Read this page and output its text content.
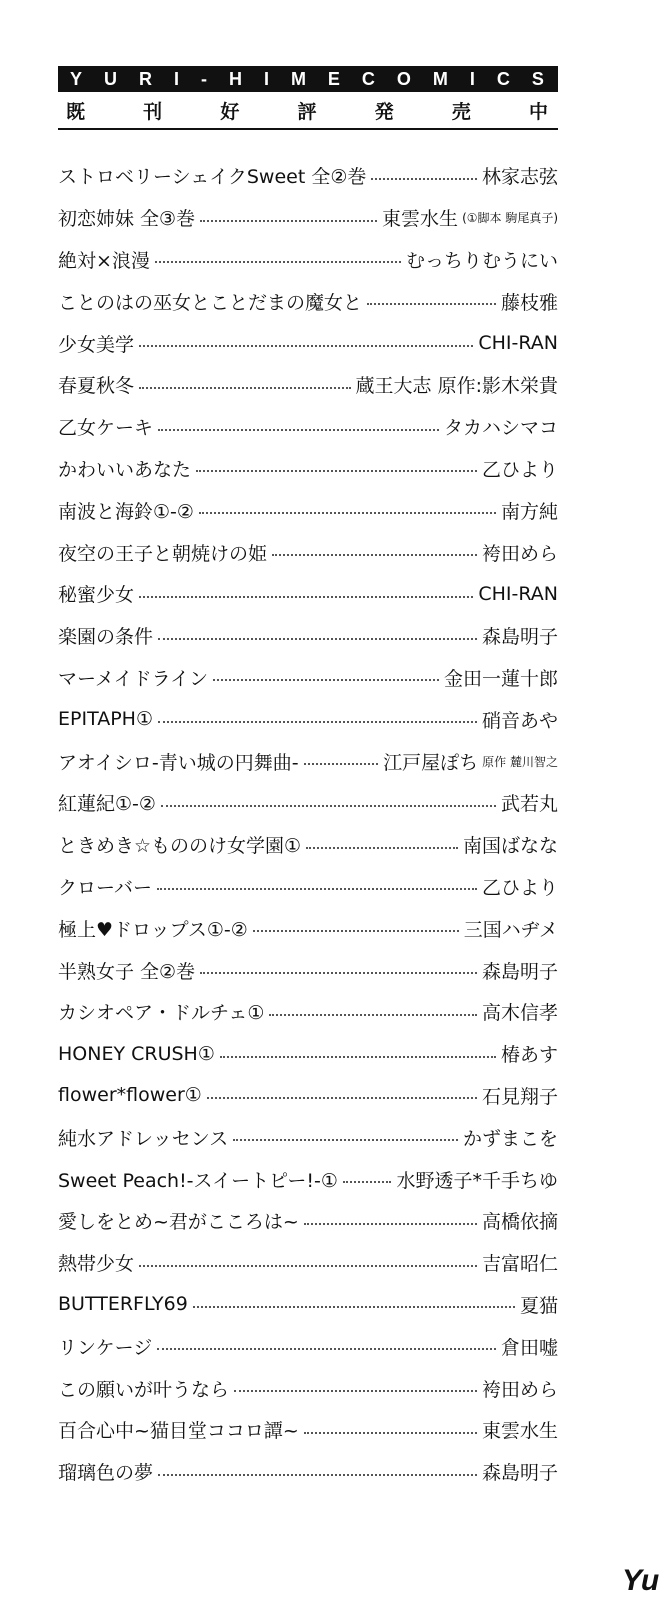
Y U R I - H I M E C O M I C S
既	刊	好	評	発	売	中
ストロベリーシェイクSweet 全②巻	林家志弦
初恋姉妹 全③巻	東雲水生 (①脚本 駒尾真子)
絶対×浪漫	むっちりむうにい
ことのはの巫女とことだまの魔女と	藤枝雅
少女美学	CHI-RAN
春夏秋冬	蔵王大志 原作:影木栄貴
乙女ケーキ	タカハシマコ
かわいいあなた	乙ひより
南波と海鈴①-②	南方純
夜空の王子と朝焼けの姫	袴田めら
秘蜜少女	CHI-RAN
楽園の条件	森島明子
マーメイドライン	金田一蓮十郎
EPITAPH①	硝音あや
アオイシロ-青い城の円舞曲-	江戸屋ぽち 原作 麓川智之
紅蓮紀①-②	武若丸
ときめき☆もののけ女学園①	南国ばなな
クローバー	乙ひより
極上♥ドロップス①-②	三国ハヂメ
半熟女子 全②巻	森島明子
カシオペア・ドルチェ①	高木信孝
HONEY CRUSH①	椿あす
flower*flower①	石見翔子
純水アドレッセンス	かずまこを
Sweet Peach!-スイートピー!-①	水野透子*千手ちゆ
愛しをとめ~君がこころは~	高橋依摘
熱帯少女	吉富昭仁
BUTTERFLY69	夏猫
リンケージ	倉田嘘
この願いが叶うなら	袴田めら
百合心中~猫目堂ココロ譚~	東雲水生
瑠璃色の夢	森島明子
Yu
